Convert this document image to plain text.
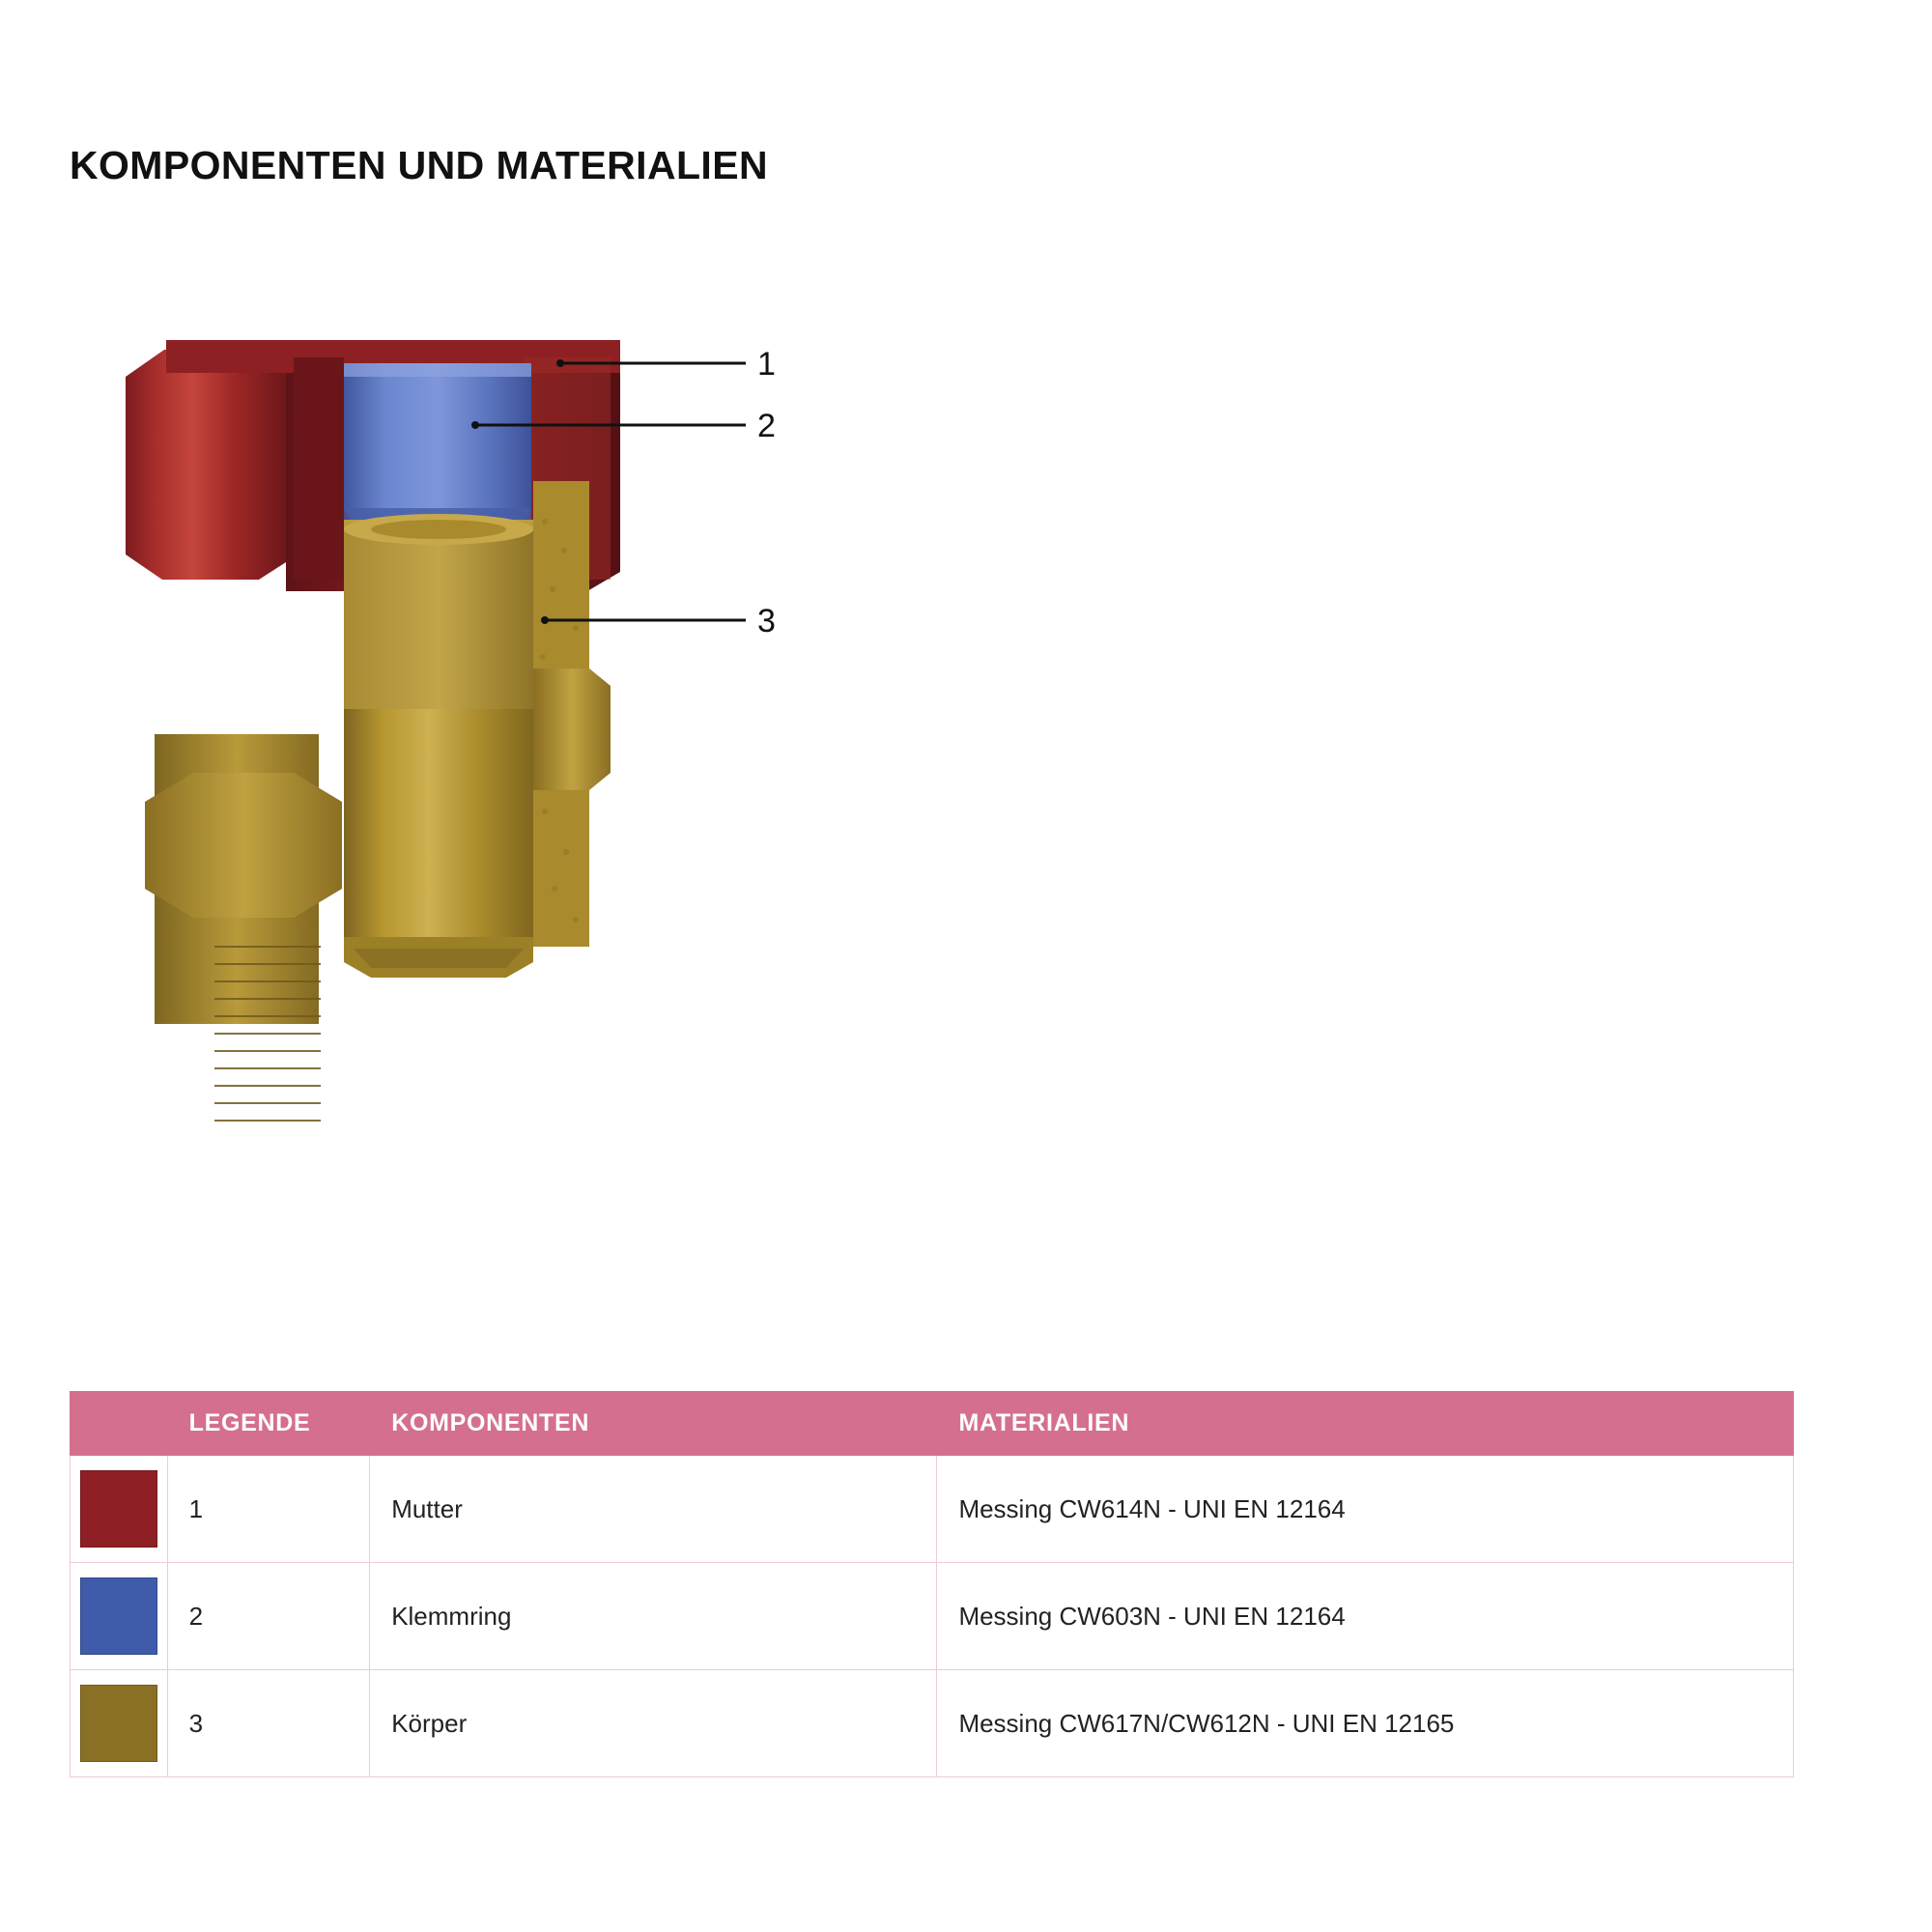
KOMPONENTEN UND MATERIALIEN
1
2
3
	LEGENDE	KOMPONENTEN	MATERIALIEN

	1	Mutter	Messing CW614N - UNI EN 12164

	2	Klemmring	Messing CW603N - UNI EN 12164

	3	Körper	Messing CW617N/CW612N - UNI EN 12165
